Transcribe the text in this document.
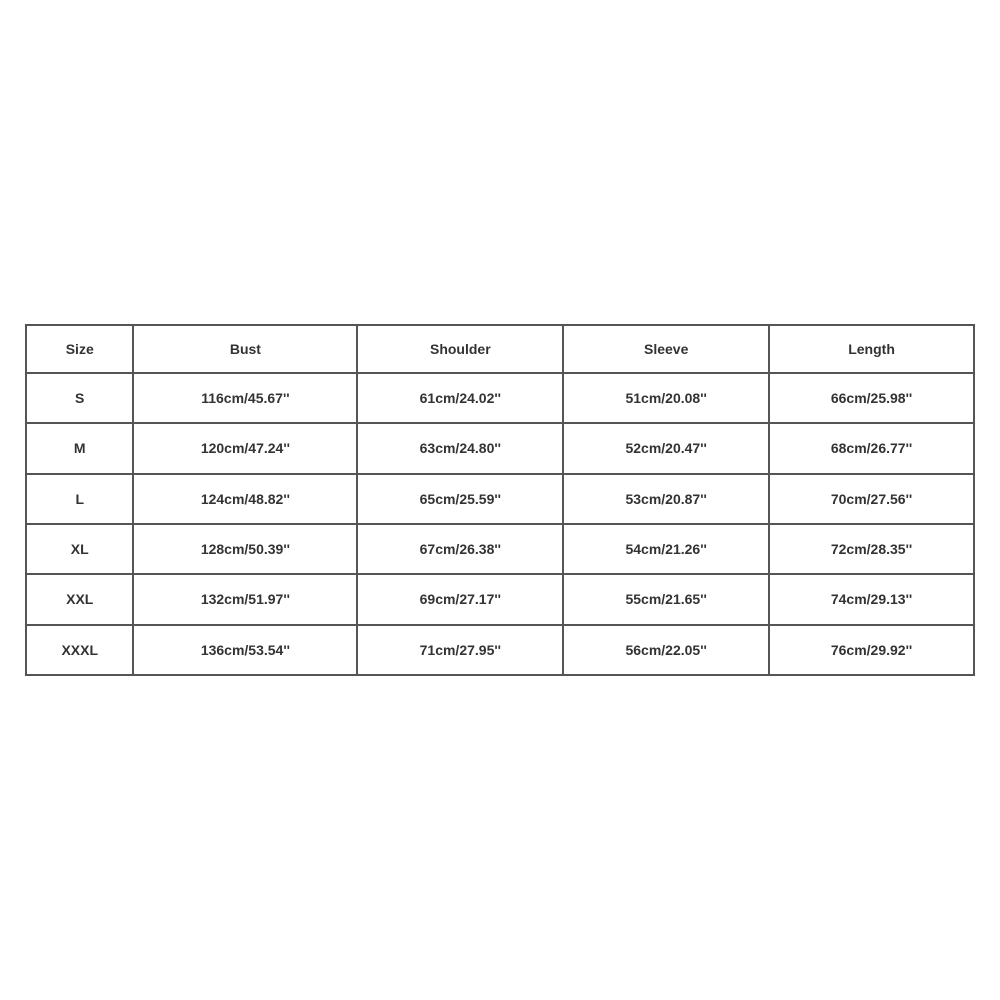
Size	Bust	Shoulder	Sleeve	Length
S	116cm/45.67''	61cm/24.02''	51cm/20.08''	66cm/25.98''
M	120cm/47.24''	63cm/24.80''	52cm/20.47''	68cm/26.77''
L	124cm/48.82''	65cm/25.59''	53cm/20.87''	70cm/27.56''
XL	128cm/50.39''	67cm/26.38''	54cm/21.26''	72cm/28.35''
XXL	132cm/51.97''	69cm/27.17''	55cm/21.65''	74cm/29.13''
XXXL	136cm/53.54''	71cm/27.95''	56cm/22.05''	76cm/29.92''
